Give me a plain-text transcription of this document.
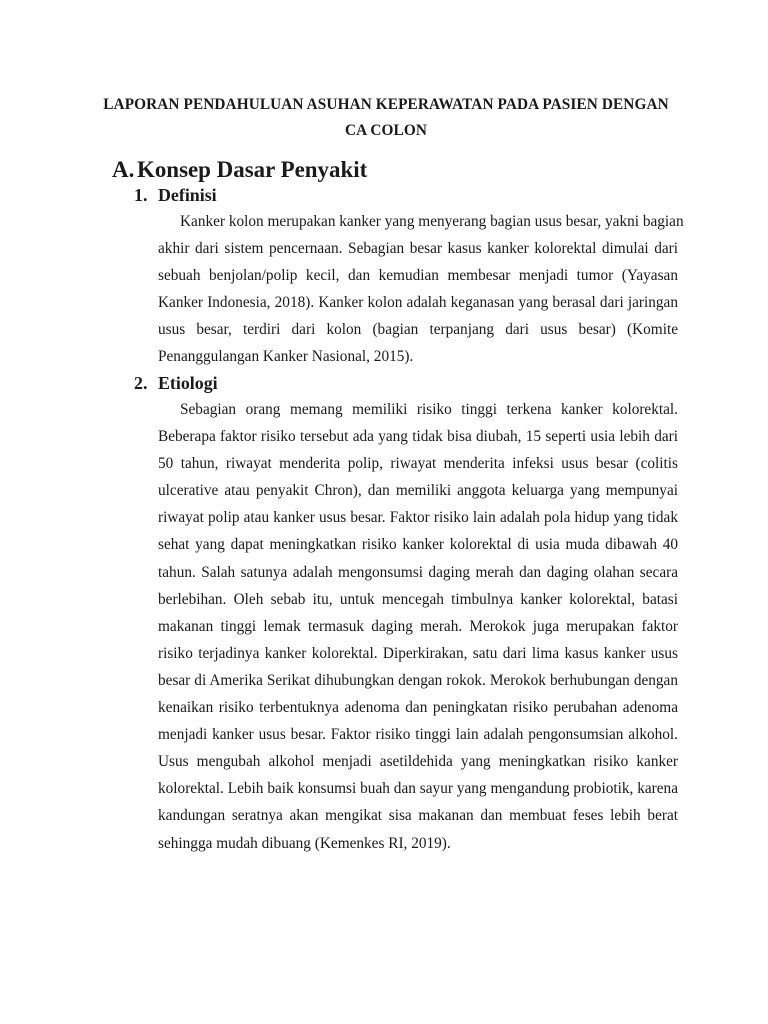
LAPORAN PENDAHULUAN ASUHAN KEPERAWATAN PADA PASIEN DENGAN
CA COLON
A. Konsep Dasar Penyakit
1. Definisi

Kanker kolon merupakan kanker yang menyerang bagian usus besar, yakni bagian
akhir dari sistem pencernaan. Sebagian besar kasus kanker kolorektal dimulai dari
sebuah benjolan/polip kecil, dan kemudian membesar menjadi tumor (Yayasan
Kanker Indonesia, 2018). Kanker kolon adalah keganasan yang berasal dari jaringan
usus besar, terdiri dari kolon (bagian terpanjang dari usus besar) (Komite
Penanggulangan Kanker Nasional, 2015).

2. Etiologi

Sebagian orang memang memiliki risiko tinggi terkena kanker kolorektal.
Beberapa faktor risiko tersebut ada yang tidak bisa diubah, 15 seperti usia lebih dari
50 tahun, riwayat menderita polip, riwayat menderita infeksi usus besar (colitis
ulcerative atau penyakit Chron), dan memiliki anggota keluarga yang mempunyai
riwayat polip atau kanker usus besar. Faktor risiko lain adalah pola hidup yang tidak
sehat yang dapat meningkatkan risiko kanker kolorektal di usia muda dibawah 40
tahun. Salah satunya adalah mengonsumsi daging merah dan daging olahan secara
berlebihan. Oleh sebab itu, untuk mencegah timbulnya kanker kolorektal, batasi
makanan tinggi lemak termasuk daging merah. Merokok juga merupakan faktor
risiko terjadinya kanker kolorektal. Diperkirakan, satu dari lima kasus kanker usus
besar di Amerika Serikat dihubungkan dengan rokok. Merokok berhubungan dengan
kenaikan risiko terbentuknya adenoma dan peningkatan risiko perubahan adenoma
menjadi kanker usus besar. Faktor risiko tinggi lain adalah pengonsumsian alkohol.
Usus mengubah alkohol menjadi asetildehida yang meningkatkan risiko kanker
kolorektal. Lebih baik konsumsi buah dan sayur yang mengandung probiotik, karena
kandungan seratnya akan mengikat sisa makanan dan membuat feses lebih berat
sehingga mudah dibuang (Kemenkes RI, 2019).
